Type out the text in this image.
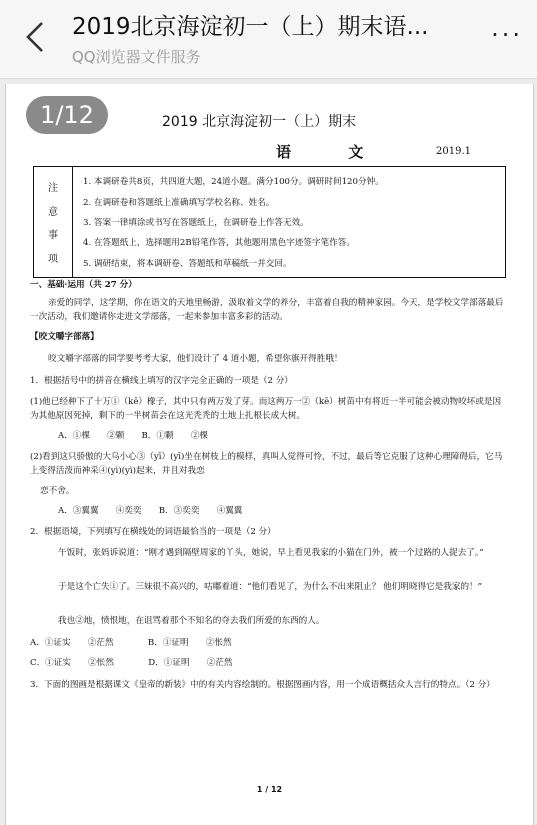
2019北京海淀初一（上）期末语...
QQ浏览器文件服务
...
1/12	2019 北京海淀初一（上）期末
语 文	2019.1
注
意
事
项
1. 本调研卷共8页，共四道大题，24道小题。满分100分。调研时间120分钟。
2. 在调研卷和答题纸上准确填写学校名称、姓名。
3. 答案一律填涂或书写在答题纸上，在调研卷上作答无效。
4. 在答题纸上，选择题用2B铅笔作答，其他题用黑色字迹签字笔作答。
5. 调研结束，将本调研卷、答题纸和草稿纸一并交回。
一、基础·运用（共 27 分）
亲爱的同学，这学期，你在语文的天地里畅游，汲取着文学的养分，丰富着自我的精神家园。今天，是学校文学部落最后一次活动，我们邀请你走进文学部落，一起来参加丰富多彩的活动。
【咬文嚼字部落】
咬文嚼字部落的同学要考考大家，他们设计了 4 道小题，希望你旗开得胜哦！
1．根据括号中的拼音在横线上填写的汉字完全正确的一项是（2 分）
(1)他已经种下了十万①（kē）橡子，其中只有两万发了芽。而这两万一②（kē）树苗中有将近一半可能会被动物咬坏或是因为其他原因死掉，剩下的一半树苗会在这光秃秃的土地上扎根长成大树。
A．①棵　　②颗　　B．①颗　　②棵
(2)看到这只骄傲的大乌小心③（yī）(yī)坐在树枝上的模样，真叫人觉得可怜，不过，最后等它克服了这种心理障碍后，它马上变得活泼而神采④(yì)(yì)起来，并且对我恋
恋不舍。
A．③翼翼　　④奕奕　　B．③奕奕　　④翼翼
2．根据语境，下列填写在横线处的词语最恰当的一项是（2 分）
午饭时，张妈诉说道：“刚才遇到隔壁周家的丫头，她说，早上看见我家的小猫在门外，被一个过路的人捉去了。”
于是这个亡失①了。三妹很不高兴的，咕嘟着道：“他们看见了，为什么不出来阻止？ 他们明晓得它是我家的！”
我也②地，愤恨地，在诅骂着那个不知名的夺去我们所爱的东西的人。
A．①证实　　②茫然　　　　B．①证明　　②怅然
C．①证实　　②怅然　　　　D．①证明　　②茫然
3．下面的图画是根据课文《皇帝的新装》中的有关内容绘制的。根据图画内容，用一个成语概括众人言行的特点。（2 分）
1 / 12
